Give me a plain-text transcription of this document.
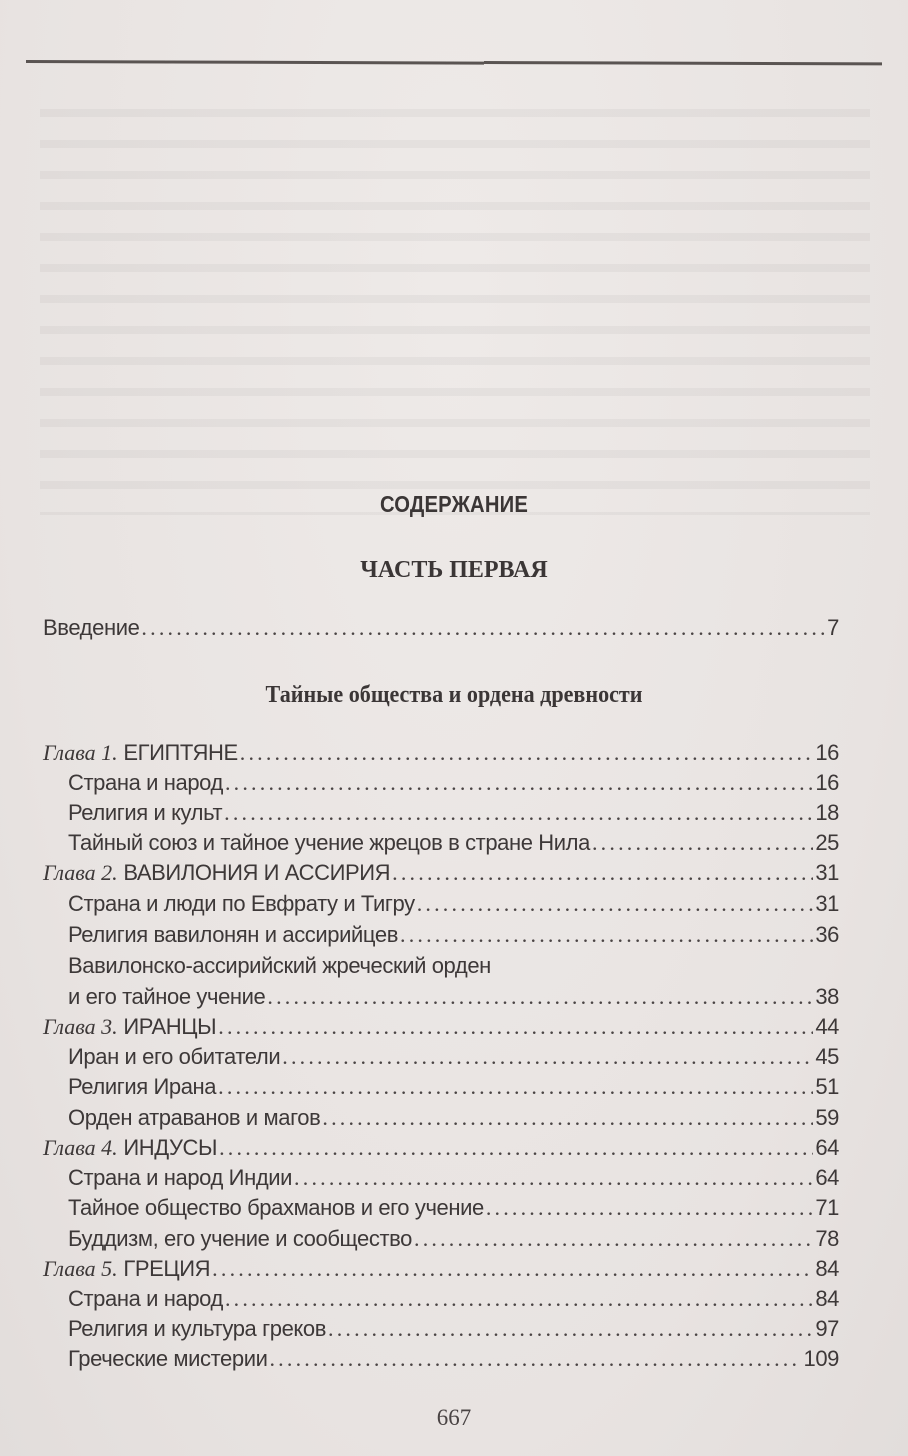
СОДЕРЖАНИЕ
ЧАСТЬ ПЕРВАЯ
Введение .....	7
Тайные общества и ордена древности
Глава 1. ЕГИПТЯНЕ .....	16
Страна и народ .....	16
Религия и культ .....	18
Тайный союз и тайное учение жрецов в стране Нила .....	25
Глава 2. ВАВИЛОНИЯ И АССИРИЯ .....	31
Страна и люди по Евфрату и Тигру .....	31
Религия вавилонян и ассирийцев .....	36
Вавилонско-ассирийский жреческий орден
и его тайное учение .....	38
Глава 3. ИРАНЦЫ .....	44
Иран и его обитатели .....	45
Религия Ирана .....	51
Орден атраванов и магов .....	59
Глава 4. ИНДУСЫ .....	64
Страна и народ Индии .....	64
Тайное общество брахманов и его учение .....	71
Буддизм, его учение и сообщество .....	78
Глава 5. ГРЕЦИЯ .....	84
Страна и народ .....	84
Религия и культура греков .....	97
Греческие мистерии .....	109
667
